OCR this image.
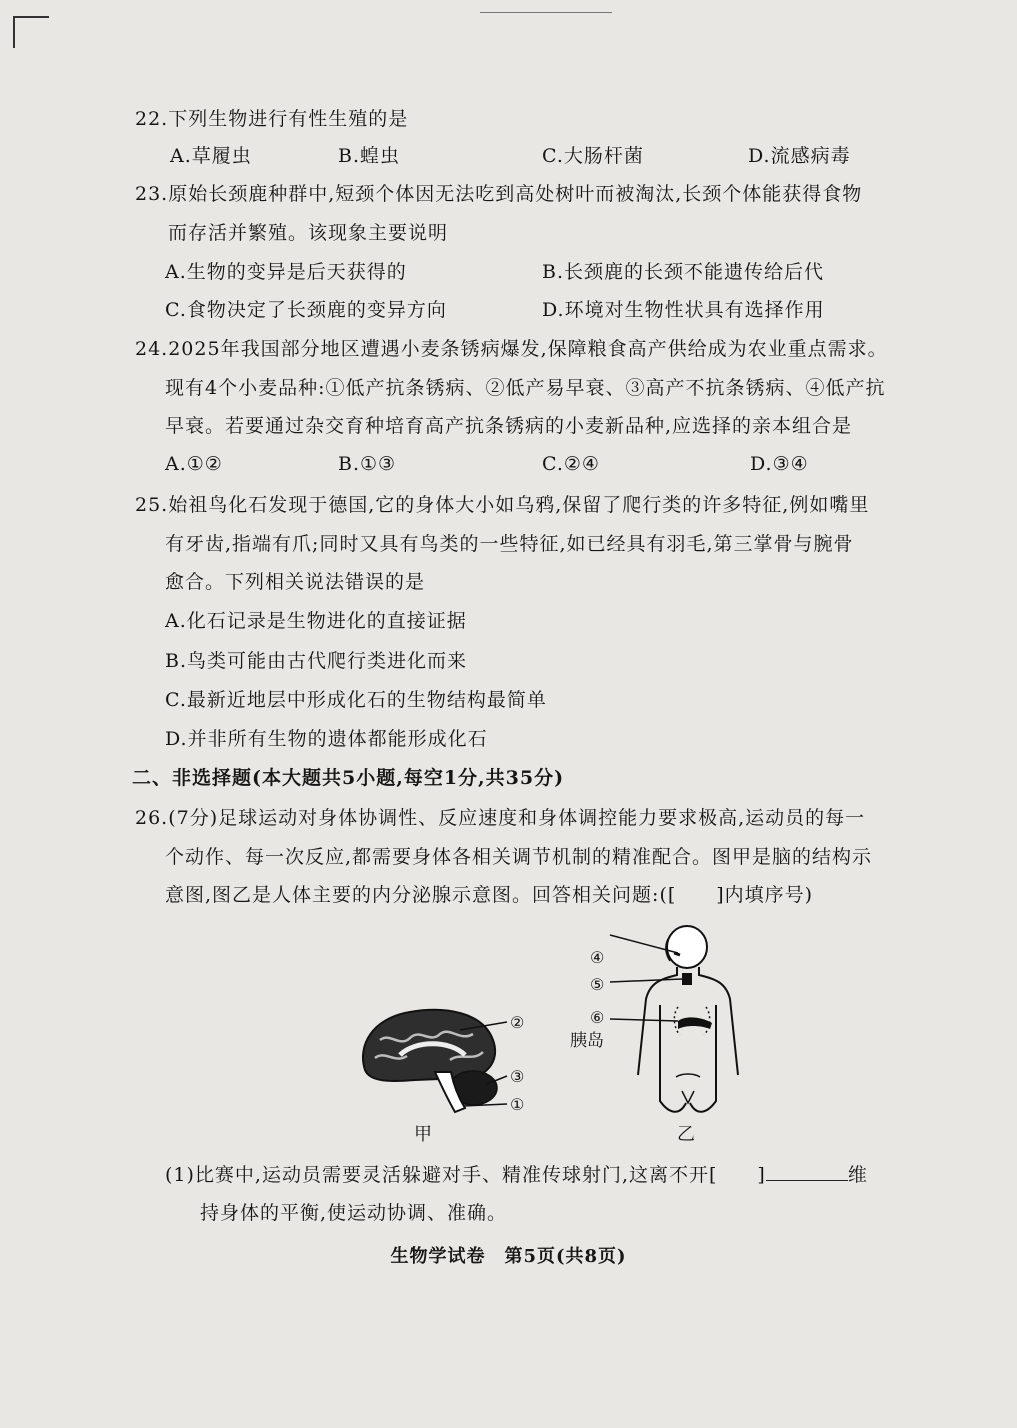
22.下列生物进行有性生殖的是
A.草履虫	B.蝗虫	C.大肠杆菌	D.流感病毒
23.原始长颈鹿种群中,短颈个体因无法吃到高处树叶而被淘汰,长颈个体能获得食物
而存活并繁殖。该现象主要说明
A.生物的变异是后天获得的	B.长颈鹿的长颈不能遗传给后代
C.食物决定了长颈鹿的变异方向	D.环境对生物性状具有选择作用
24.2025年我国部分地区遭遇小麦条锈病爆发,保障粮食高产供给成为农业重点需求。
现有4个小麦品种:①低产抗条锈病、②低产易早衰、③高产不抗条锈病、④低产抗
早衰。若要通过杂交育种培育高产抗条锈病的小麦新品种,应选择的亲本组合是
A.①②	B.①③	C.②④	D.③④
25.始祖鸟化石发现于德国,它的身体大小如乌鸦,保留了爬行类的许多特征,例如嘴里
有牙齿,指端有爪;同时又具有鸟类的一些特征,如已经具有羽毛,第三掌骨与腕骨
愈合。下列相关说法错误的是
A.化石记录是生物进化的直接证据
B.鸟类可能由古代爬行类进化而来
C.最新近地层中形成化石的生物结构最简单
D.并非所有生物的遗体都能形成化石
二、非选择题(本大题共5小题,每空1分,共35分)
26.(7分)足球运动对身体协调性、反应速度和身体调控能力要求极高,运动员的每一
个动作、每一次反应,都需要身体各相关调节机制的精准配合。图甲是脑的结构示
意图,图乙是人体主要的内分泌腺示意图。回答相关问题:([　　]内填序号)
②
③
①
甲
④
⑤
⑥
胰岛
乙
(1)比赛中,运动员需要灵活躲避对手、精准传球射门,这离不开[　　]	维
持身体的平衡,使运动协调、准确。
生物学试卷　第5页(共8页)
